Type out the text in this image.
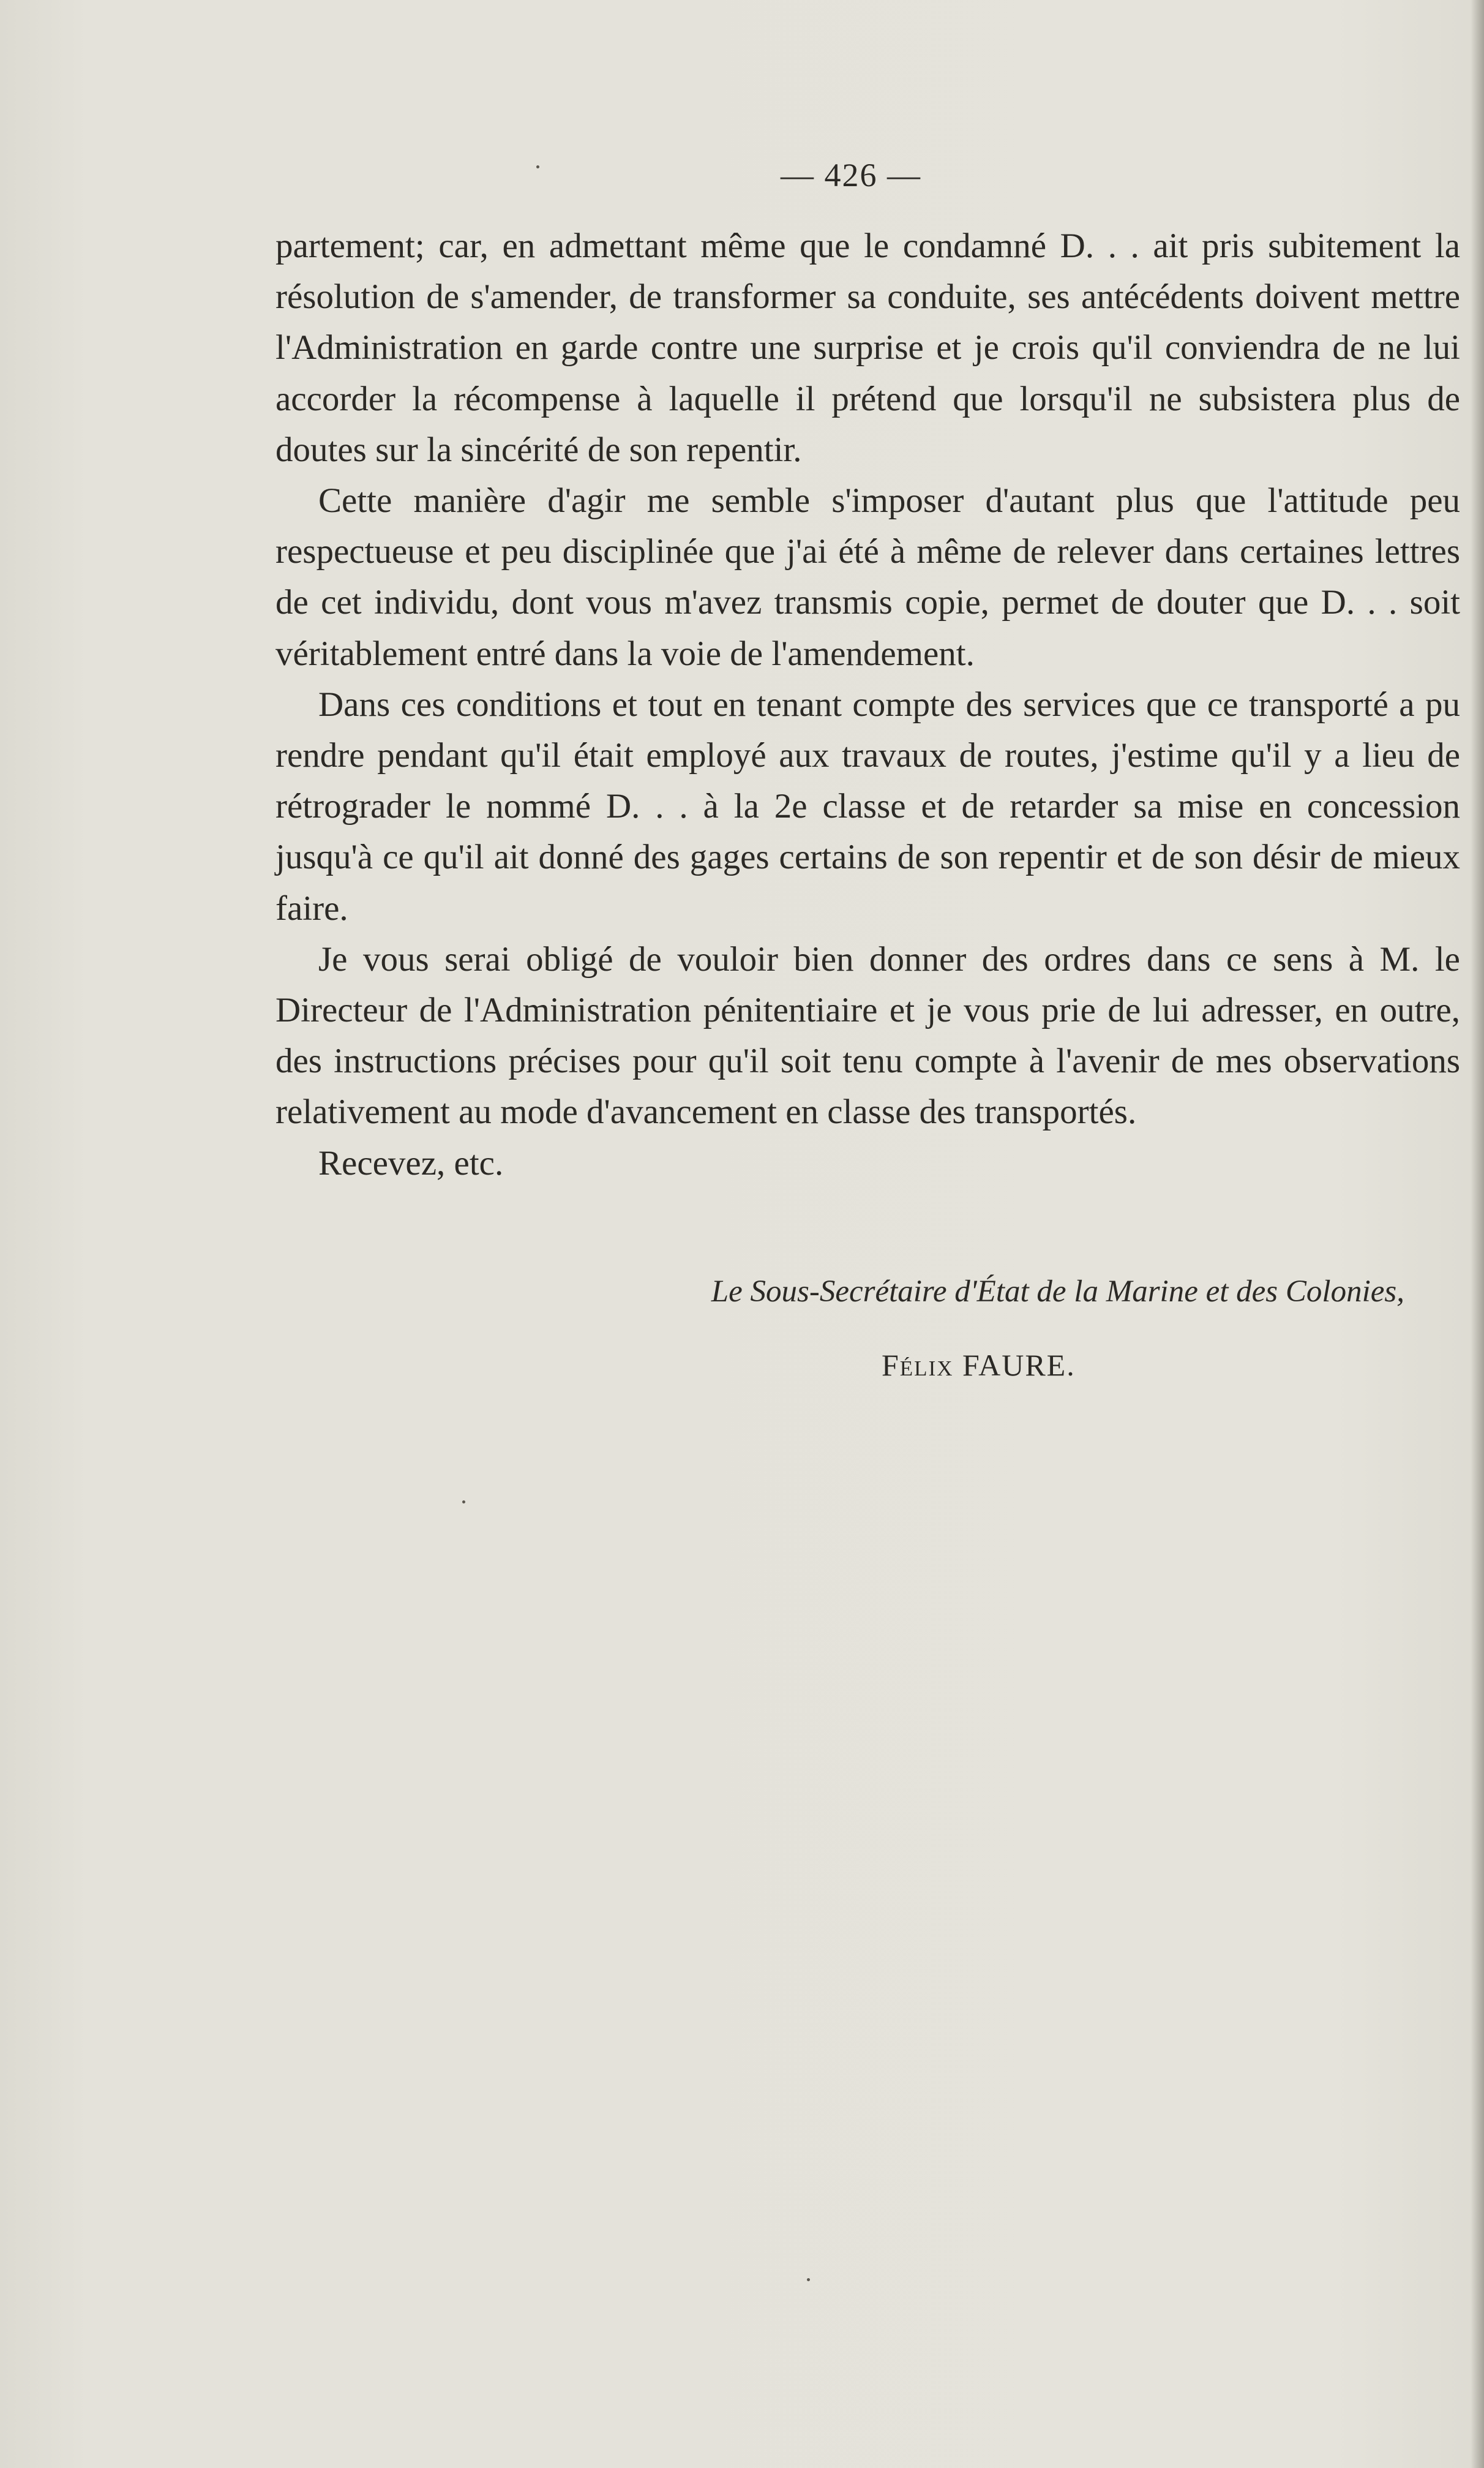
— 426 —

partement; car, en admettant même que le condamné D. . . ait pris subitement la résolution de s'amender, de transformer sa conduite, ses antécédents doivent mettre l'Administration en garde contre une surprise et je crois qu'il conviendra de ne lui accorder la récompense à laquelle il prétend que lorsqu'il ne subsistera plus de doutes sur la sincérité de son repentir.

Cette manière d'agir me semble s'imposer d'autant plus que l'attitude peu respectueuse et peu disciplinée que j'ai été à même de relever dans certaines lettres de cet individu, dont vous m'avez transmis copie, permet de douter que D. . . soit véritablement entré dans la voie de l'amendement.

Dans ces conditions et tout en tenant compte des services que ce transporté a pu rendre pendant qu'il était employé aux travaux de routes, j'estime qu'il y a lieu de rétrograder le nommé D. . . à la 2e classe et de retarder sa mise en concession jusqu'à ce qu'il ait donné des gages certains de son repentir et de son désir de mieux faire.

Je vous serai obligé de vouloir bien donner des ordres dans ce sens à M. le Directeur de l'Administration pénitentiaire et je vous prie de lui adresser, en outre, des instructions précises pour qu'il soit tenu compte à l'avenir de mes observations relativement au mode d'avancement en classe des transportés.

Recevez, etc.

Le Sous-Secrétaire d'État de la Marine et des Colonies,
Félix FAURE.
